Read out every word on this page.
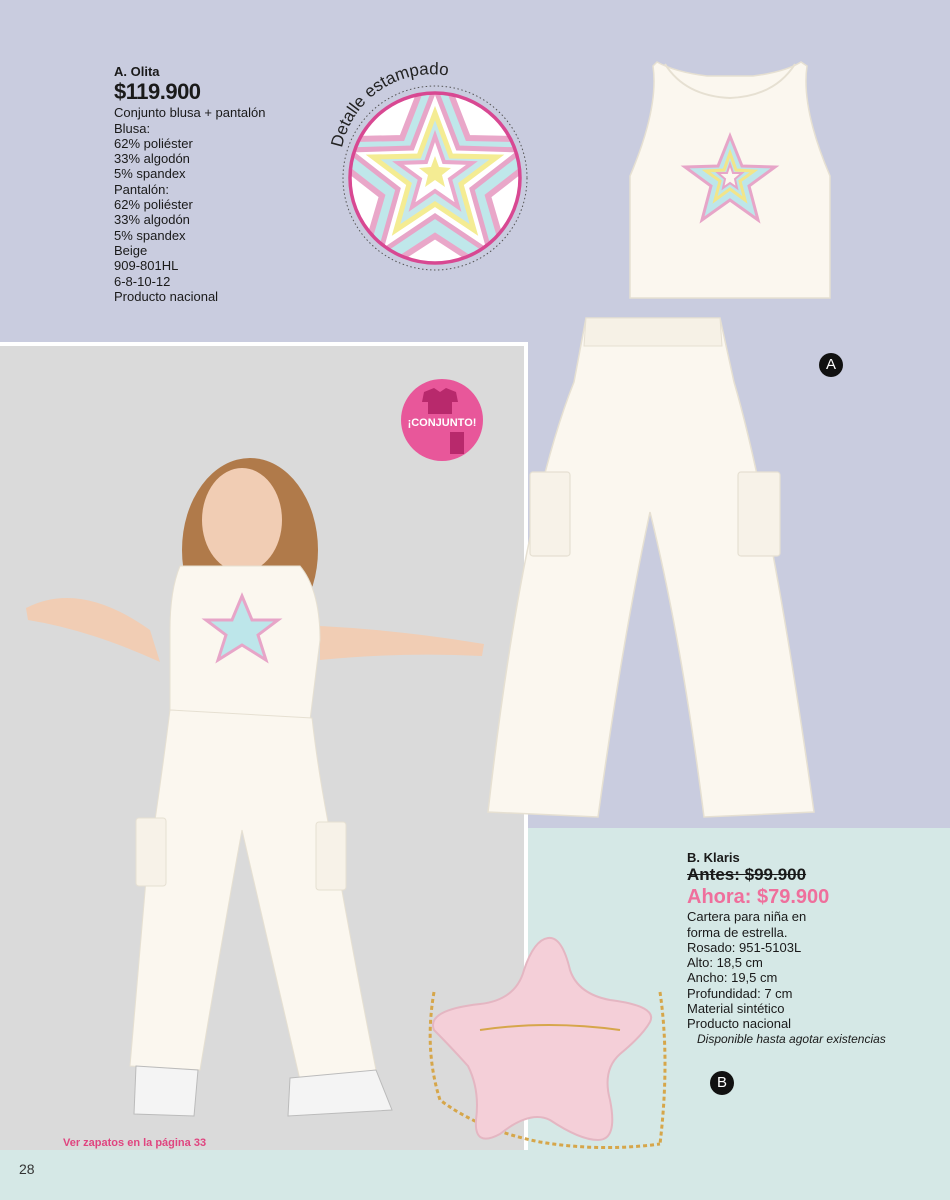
A. Olita
$119.900
Conjunto blusa + pantalón
Blusa:
62% poliéster
33% algodón
5% spandex
Pantalón:
62% poliéster
33% algodón
5% spandex
Beige
909-801HL
6-8-10-12
Producto nacional
Detalle estampado
A
¡CONJUNTO!
B. Klaris
Antes: $99.900
Ahora: $79.900
Cartera para niña en
forma de estrella.
Rosado: 951-5103L
Alto: 18,5 cm
Ancho: 19,5 cm
Profundidad: 7 cm
Material sintético
Producto nacional
Disponible hasta agotar existencias
B
Ver zapatos en la página 33
28
